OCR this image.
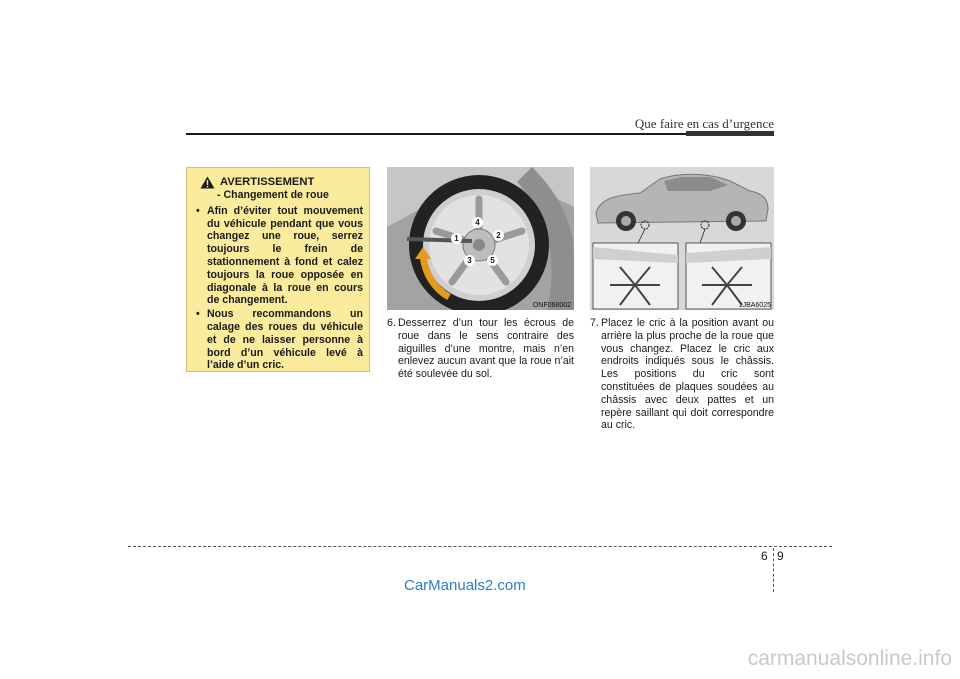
Que faire en cas d’urgence
AVERTISSEMENT
- Changement de roue
• Afin d’éviter tout mouvement du véhicule pendant que vous changez une roue, serrez toujours le frein de stationnement à fond et calez toujours la roue opposée en diagonale à la roue en cours de changement.
• Nous recommandons un calage des roues du véhicule et de ne laisser personne à bord d’un véhicule levé à l’aide d’un cric.
4
1	2
3	5
ONF068002	1JBA6025
6. Desserrez d’un tour les écrous de roue dans le sens contraire des aiguilles d’une montre, mais n’en enlevez aucun avant que la roue n’ait été soulevée du sol.
7. Placez le cric à la position avant ou arrière la plus proche de la roue que vous changez. Placez le cric aux endroits indiqués sous le châssis. Les positions du cric sont constituées de plaques soudées au châssis avec deux pattes et un repère saillant qui doit correspondre au cric.
6 9
CarManuals2.com
carmanualsonline.info
